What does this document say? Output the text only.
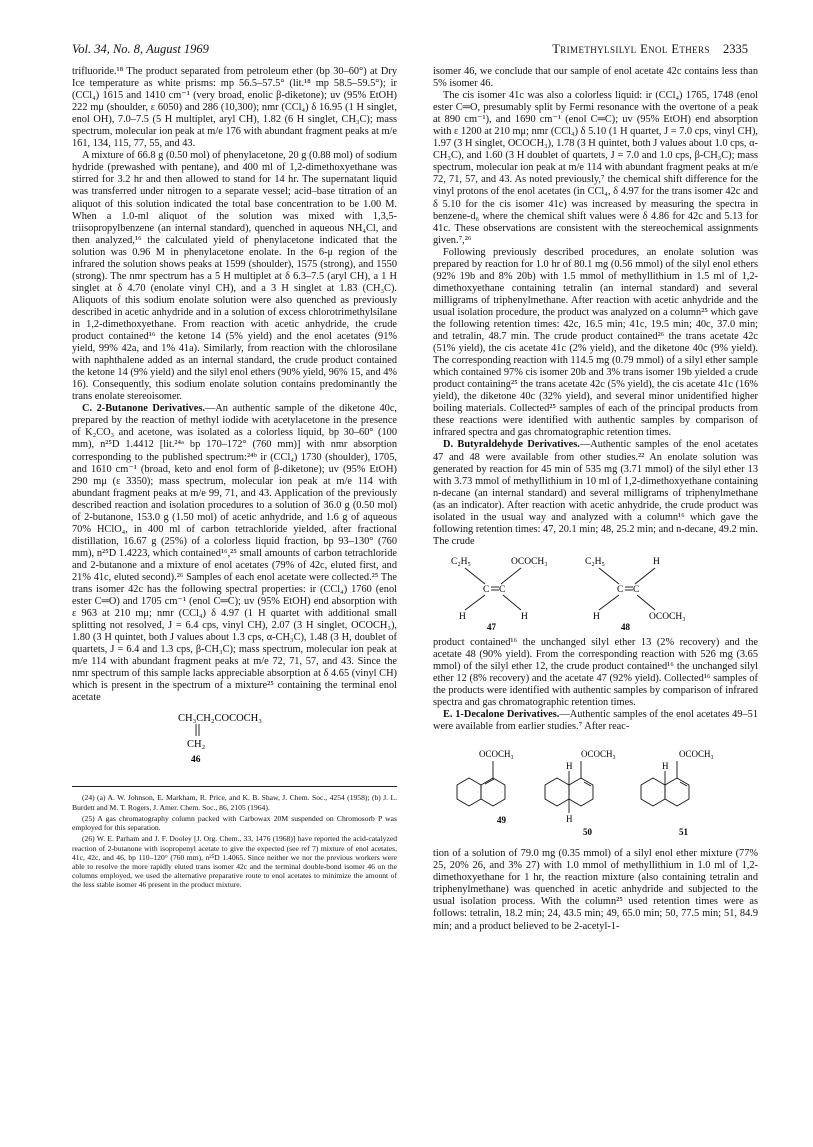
Vol. 34, No. 8, August 1969	Trimethylsilyl Enol Ethers 2335

trifluoride.¹⁸ The product separated from petroleum ether (bp 30–60°) at Dry Ice temperature as white prisms: mp 56.5–57.5° (lit.¹⁸ mp 58.5–59.5°); ir (CCl₄) 1615 and 1410 cm⁻¹ (very broad, enolic β-diketone); uv (95% EtOH) 222 mμ (shoulder, ε 6050) and 286 (10,300); nmr (CCl₄) δ 16.95 (1 H singlet, enol OH), 7.0–7.5 (5 H multiplet, aryl CH), 1.82 (6 H singlet, CH₃C); mass spectrum, molecular ion peak at m/e 176 with abundant fragment peaks at m/e 161, 134, 115, 77, 55, and 43.

A mixture of 66.8 g (0.50 mol) of phenylacetone, 20 g (0.88 mol) of sodium hydride (prewashed with pentane), and 400 ml of 1,2-dimethoxyethane was stirred for 3.2 hr and then allowed to stand for 14 hr. The supernatant liquid was transferred under nitrogen to a separate vessel; acid–base titration of an aliquot of this solution indicated the total base concentration to be 1.00 M. When a 1.0-ml aliquot of the solution was mixed with 1,3,5-triisopropylbenzene (an internal standard), quenched in aqueous NH₄Cl, and then analyzed,¹⁶ the calculated yield of phenylacetone indicated that the solution was 0.96 M in phenylacetone enolate. In the 6-μ region of the infrared the solution shows peaks at 1599 (shoulder), 1575 (strong), and 1550 (strong). The nmr spectrum has a 5 H multiplet at δ 6.3–7.5 (aryl CH), a 1 H singlet at δ 4.70 (enolate vinyl CH), and a 3 H singlet at 1.83 (CH₃C). Aliquots of this sodium enolate solution were also quenched as previously described in acetic anhydride and in a solution of excess chlorotrimethylsilane in 1,2-dimethoxyethane. From reaction with acetic anhydride, the crude product contained¹⁶ the ketone 14 (5% yield) and the enol acetates (91% yield, 99% 42a, and 1% 41a). Similarly, from reaction with the chlorosilane with naphthalene added as an internal standard, the crude product contained the ketone 14 (9% yield) and the silyl enol ethers (90% yield, 96% 15, and 4% 16). Consequently, this sodium enolate solution contains predominantly the trans enolate stereoisomer.

C. 2-Butanone Derivatives.—An authentic sample of the diketone 40c, prepared by the reaction of methyl iodide with acetylacetone in the presence of K₂CO₃ and acetone, was isolated as a colorless liquid, bp 30–60° (100 mm), n²⁵D 1.4412 [lit.²⁴ᵃ bp 170–172° (760 mm)] with nmr absorption corresponding to the published spectrum:²⁴ᵇ ir (CCl₄) 1730 (shoulder), 1705, and 1610 cm⁻¹ (broad, keto and enol form of β-diketone); uv (95% EtOH) 290 mμ (ε 3350); mass spectrum, molecular ion peak at m/e 114 with abundant fragment peaks at m/e 99, 71, and 43. Application of the previously described reaction and isolation procedures to a solution of 36.0 g (0.50 mol) of 2-butanone, 153.0 g (1.50 mol) of acetic anhydride, and 1.6 g of aqueous 70% HClO₄, in 400 ml of carbon tetrachloride yielded, after fractional distillation, 16.67 g (25%) of a colorless liquid fraction, bp 93–130° (760 mm), n²⁵D 1.4223, which contained¹⁶,²⁵ small amounts of carbon tetrachloride and 2-butanone and a mixture of enol acetates (79% of 42c, eluted first, and 21% 41c, eluted second).²⁶ Samples of each enol acetate were collected.²⁵ The trans isomer 42c has the following spectral properties: ir (CCl₄) 1760 (enol ester C═O) and 1705 cm⁻¹ (enol C═C); uv (95% EtOH) end absorption with ε 963 at 210 mμ; nmr (CCl₄) δ 4.97 (1 H quartet with additional small splitting not resolved, J = 6.4 cps, vinyl CH), 2.07 (3 H singlet, OCOCH₃), 1.80 (3 H quintet, both J values about 1.3 cps, α-CH₃C), 1.48 (3 H, doublet of quartets, J = 6.4 and 1.3 cps, β-CH₃C); mass spectrum, molecular ion peak at m/e 114 with abundant fragment peaks at m/e 72, 71, 57, and 43. Since the nmr spectrum of this sample lacks appreciable absorption at δ 4.65 (vinyl CH) which is present in the spectrum of a mixture²⁵ containing the terminal enol acetate

CH₃CH₂COCOCH₃
CH₂
46

(24) (a) A. W. Johnson, E. Markham, R. Price, and K. B. Shaw, J. Chem. Soc., 4254 (1958); (b) J. L. Burdett and M. T. Rogers, J. Amer. Chem. Soc., 86, 2105 (1964).

(25) A gas chromatography column packed with Carbowax 20M suspended on Chromosorb P was employed for this separation.

(26) W. E. Parham and J. F. Dooley [J. Org. Chem., 33, 1476 (1968)] have reported the acid-catalyzed reaction of 2-butanone with isopropenyl acetate to give the expected (see ref 7) mixture of enol acetates, 41c, 42c, and 46, bp 110–120° (760 mm), n²⁵D 1.4065. Since neither we nor the previous workers were able to resolve the more rapidly eluted trans isomer 42c and the terminal double-bond isomer 46 on the columns employed, we used the alternative preparative route to enol acetates to minimize the amount of the less stable isomer 46 present in the product mixture.

isomer 46, we conclude that our sample of enol acetate 42c contains less than 5% isomer 46.

The cis isomer 41c was also a colorless liquid: ir (CCl₄) 1765, 1748 (enol ester C═O, presumably split by Fermi resonance with the overtone of a peak at 890 cm⁻¹), and 1690 cm⁻¹ (enol C═C); uv (95% EtOH) end absorption with ε 1200 at 210 mμ; nmr (CCl₄) δ 5.10 (1 H quartet, J = 7.0 cps, vinyl CH), 1.97 (3 H singlet, OCOCH₃), 1.78 (3 H quintet, both J values about 1.0 cps, α-CH₃C), and 1.60 (3 H doublet of quartets, J = 7.0 and 1.0 cps, β-CH₃C); mass spectrum, molecular ion peak at m/e 114 with abundant fragment peaks at m/e 72, 71, 57, and 43. As noted previously,⁷ the chemical shift difference for the vinyl protons of the enol acetates (in CCl₄, δ 4.97 for the trans isomer 42c and δ 5.10 for the cis isomer 41c) was increased by measuring the spectra in benzene-d₆ where the chemical shift values were δ 4.86 for 42c and 5.13 for 41c. These observations are consistent with the stereochemical assignments given.⁷,²⁶

Following previously described procedures, an enolate solution was prepared by reaction for 1.0 hr of 80.1 mg (0.56 mmol) of the silyl enol ethers (92% 19b and 8% 20b) with 1.5 mmol of methyllithium in 1.5 ml of 1,2-dimethoxyethane containing tetralin (an internal standard) and several milligrams of triphenylmethane. After reaction with acetic anhydride and the usual isolation procedure, the product was analyzed on a column²⁵ which gave the following retention times: 42c, 16.5 min; 41c, 19.5 min; 40c, 37.0 min; and tetralin, 48.7 min. The crude product contained²⁶ the trans acetate 42c (51% yield), the cis acetate 41c (2% yield), and the diketone 40c (9% yield). The corresponding reaction with 114.5 mg (0.79 mmol) of a silyl ether sample which contained 97% cis isomer 20b and 3% trans isomer 19b yielded a crude product containing²⁵ the trans acetate 42c (5% yield), the cis acetate 41c (16% yield), the diketone 40c (32% yield), and several minor unidentified higher boiling materials. Collected²⁵ samples of each of the principal products from these reactions were identified with authentic samples by comparison of infrared spectra and gas chromatographic retention times.

D. Butyraldehyde Derivatives.—Authentic samples of the enol acetates 47 and 48 were available from other studies.²² An enolate solution was generated by reaction for 45 min of 535 mg (3.71 mmol) of the silyl ether 13 with 3.73 mmol of methyllithium in 10 ml of 1,2-dimethoxyethane containing n-decane (an internal standard) and several milligrams of triphenylmethane (as an indicator). After reaction with acetic anhydride, the crude product was isolated in the usual way and analyzed with a column¹⁶ which gave the following retention times: 47, 20.1 min; 48, 25.2 min; and n-decane, 49.2 min. The crude

C₂H₅	OCOCH₃
C C
H	H
47
C₂H₅	H
C C
H	OCOCH₃
48

product contained¹⁶ the unchanged silyl ether 13 (2% recovery) and the acetate 48 (90% yield). From the corresponding reaction with 526 mg (3.65 mmol) of the silyl ether 12, the crude product contained¹⁶ the unchanged silyl ether 12 (8% recovery) and the acetate 47 (92% yield). Collected¹⁶ samples of the products were identified with authentic samples by comparison of infrared spectra and gas chromatographic retention times.

E. 1-Decalone Derivatives.—Authentic samples of the enol acetates 49–51 were available from earlier studies.⁷ After reac-

OCOCH₃
49
OCOCH₃
H
H
50
OCOCH₃
H
51

tion of a solution of 79.0 mg (0.35 mmol) of a silyl enol ether mixture (77% 25, 20% 26, and 3% 27) with 1.0 mmol of methyllithium in 1.0 ml of 1,2-dimethoxyethane for 1 hr, the reaction mixture (also containing tetralin and triphenylmethane) was quenched in acetic anhydride and subjected to the usual isolation process. With the column²⁵ used retention times were as follows: tetralin, 18.2 min; 24, 43.5 min; 49, 65.0 min; 50, 77.5 min; 51, 84.9 min; and a product believed to be 2-acetyl-1-
